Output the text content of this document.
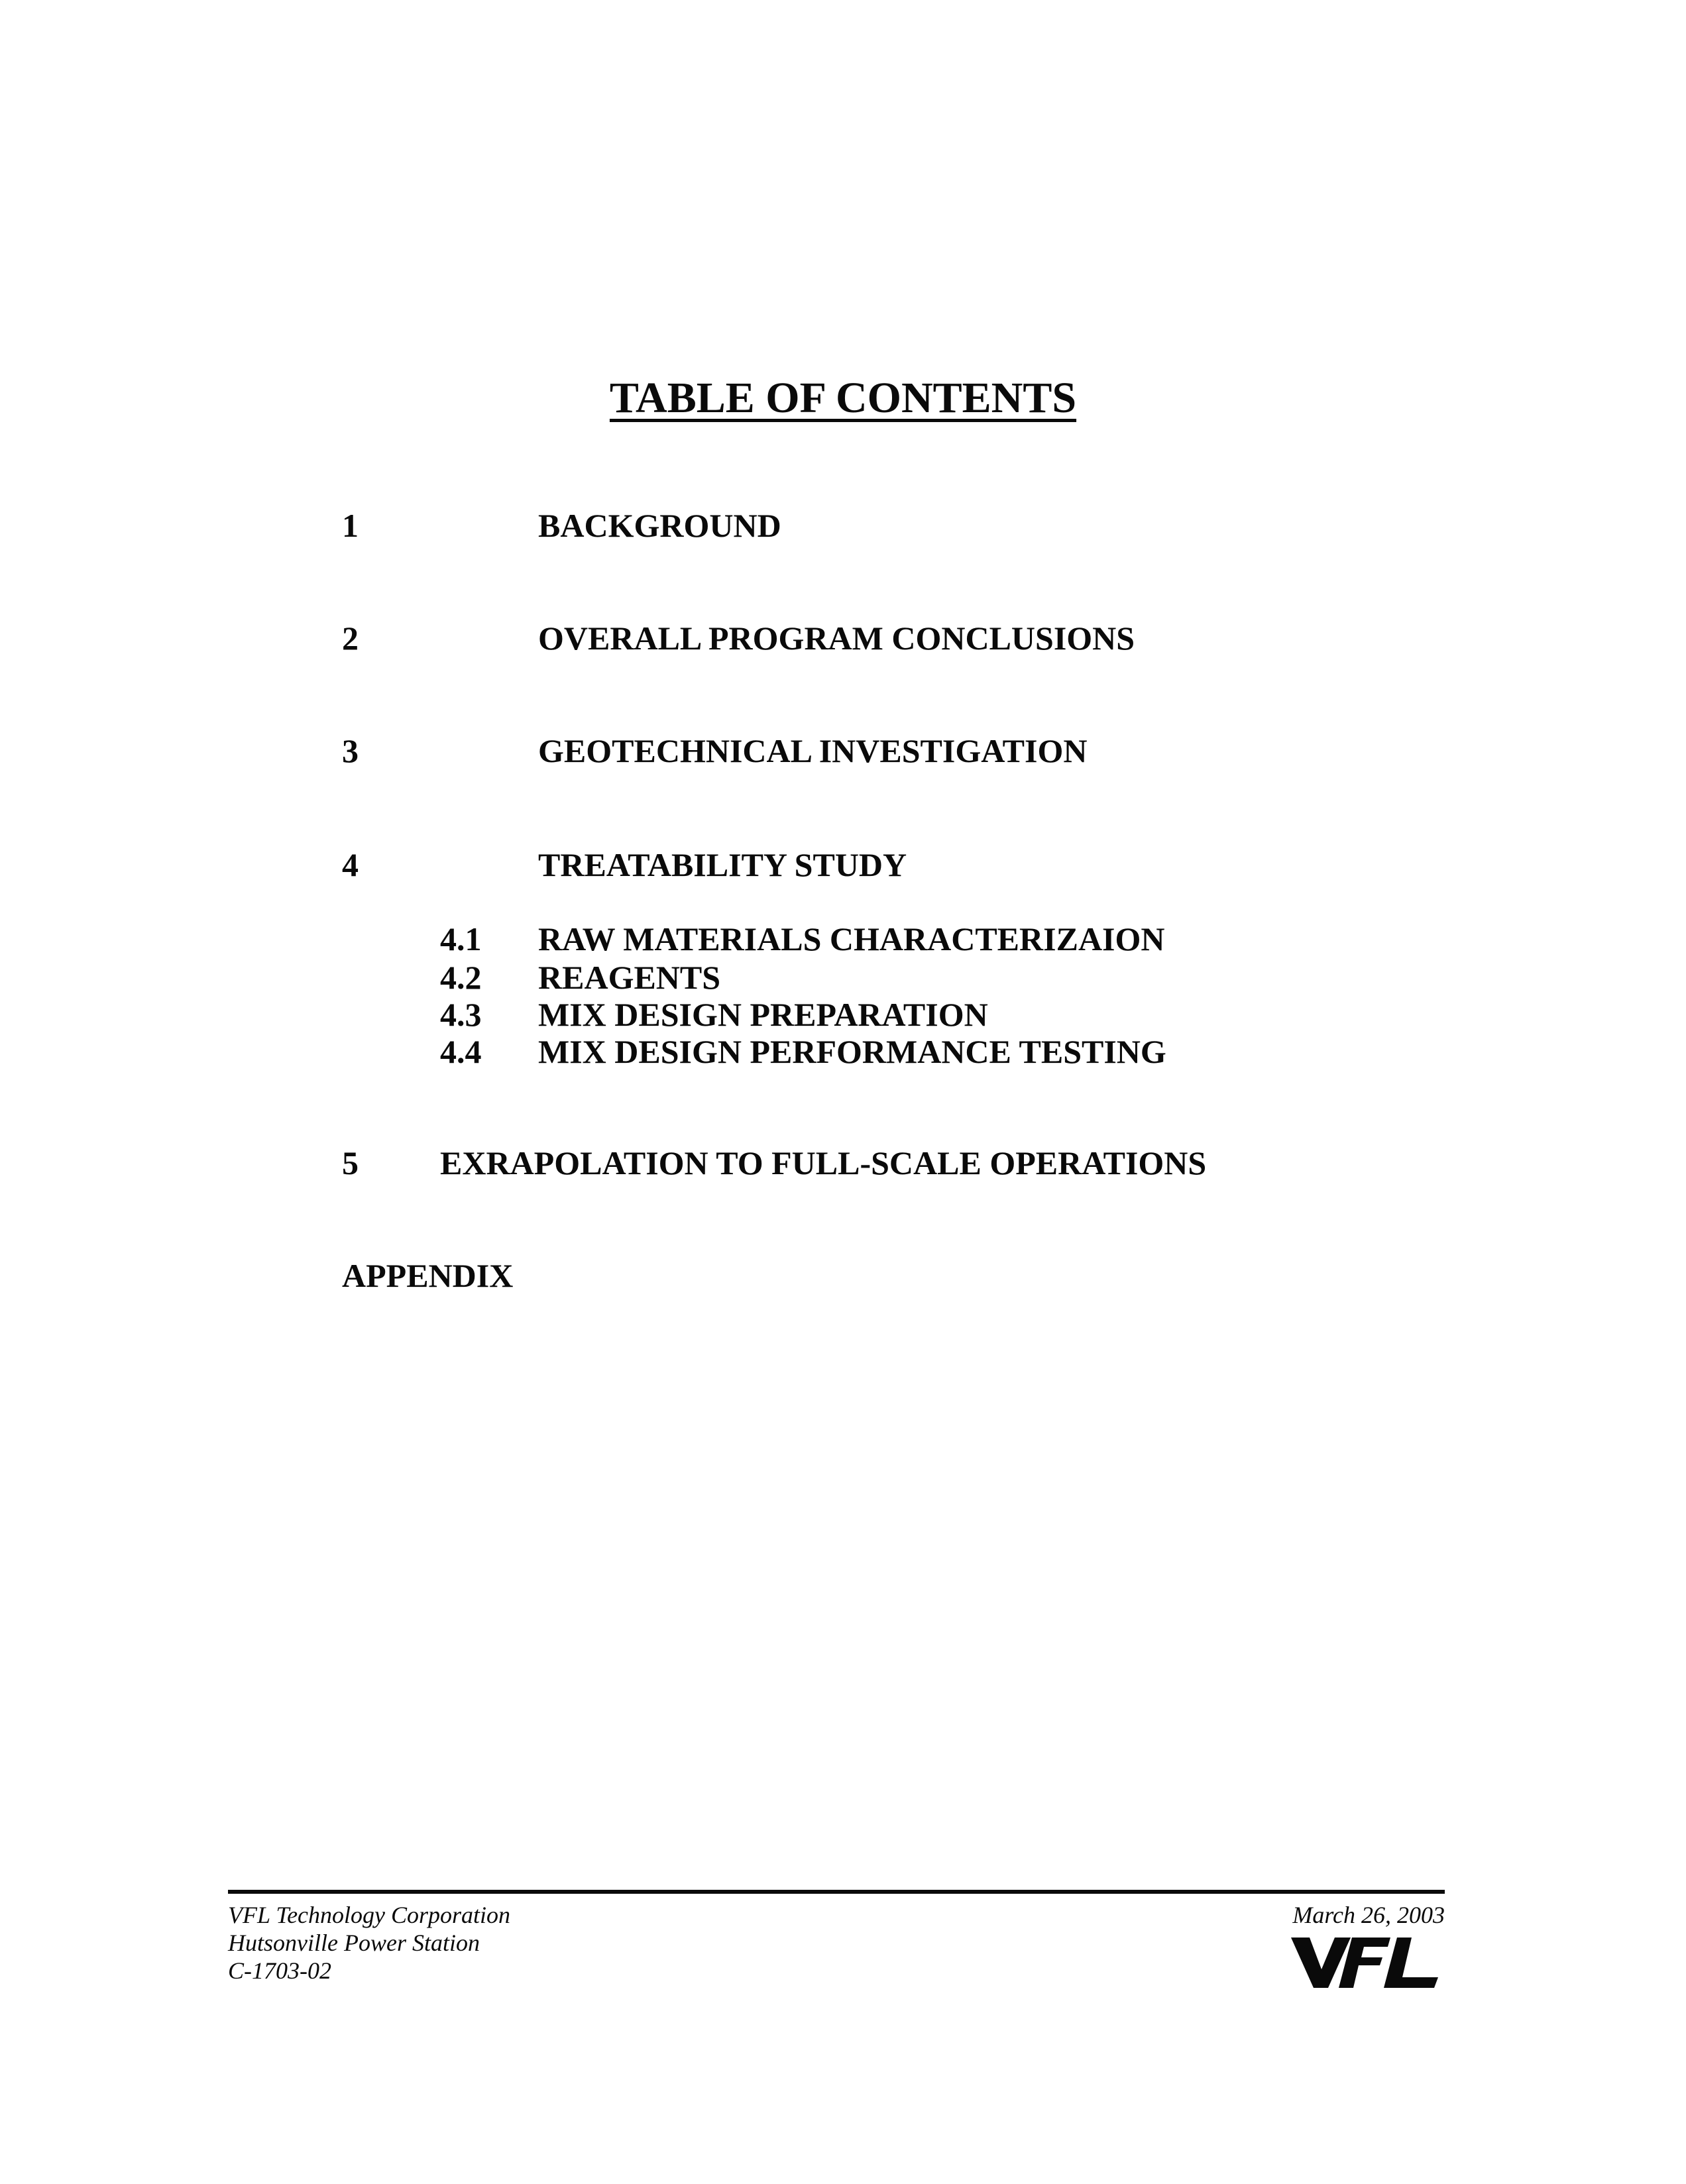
TABLE OF CONTENTS
1	BACKGROUND
2	OVERALL PROGRAM CONCLUSIONS
3	GEOTECHNICAL INVESTIGATION
4	TREATABILITY STUDY
4.1 RAW MATERIALS CHARACTERIZAION
4.2 REAGENTS
4.3 MIX DESIGN PREPARATION
4.4 MIX DESIGN PERFORMANCE TESTING
5 EXRAPOLATION TO FULL-SCALE OPERATIONS
APPENDIX
VFL Technology Corporation
Hutsonville Power Station
C-1703-02
March 26, 2003
